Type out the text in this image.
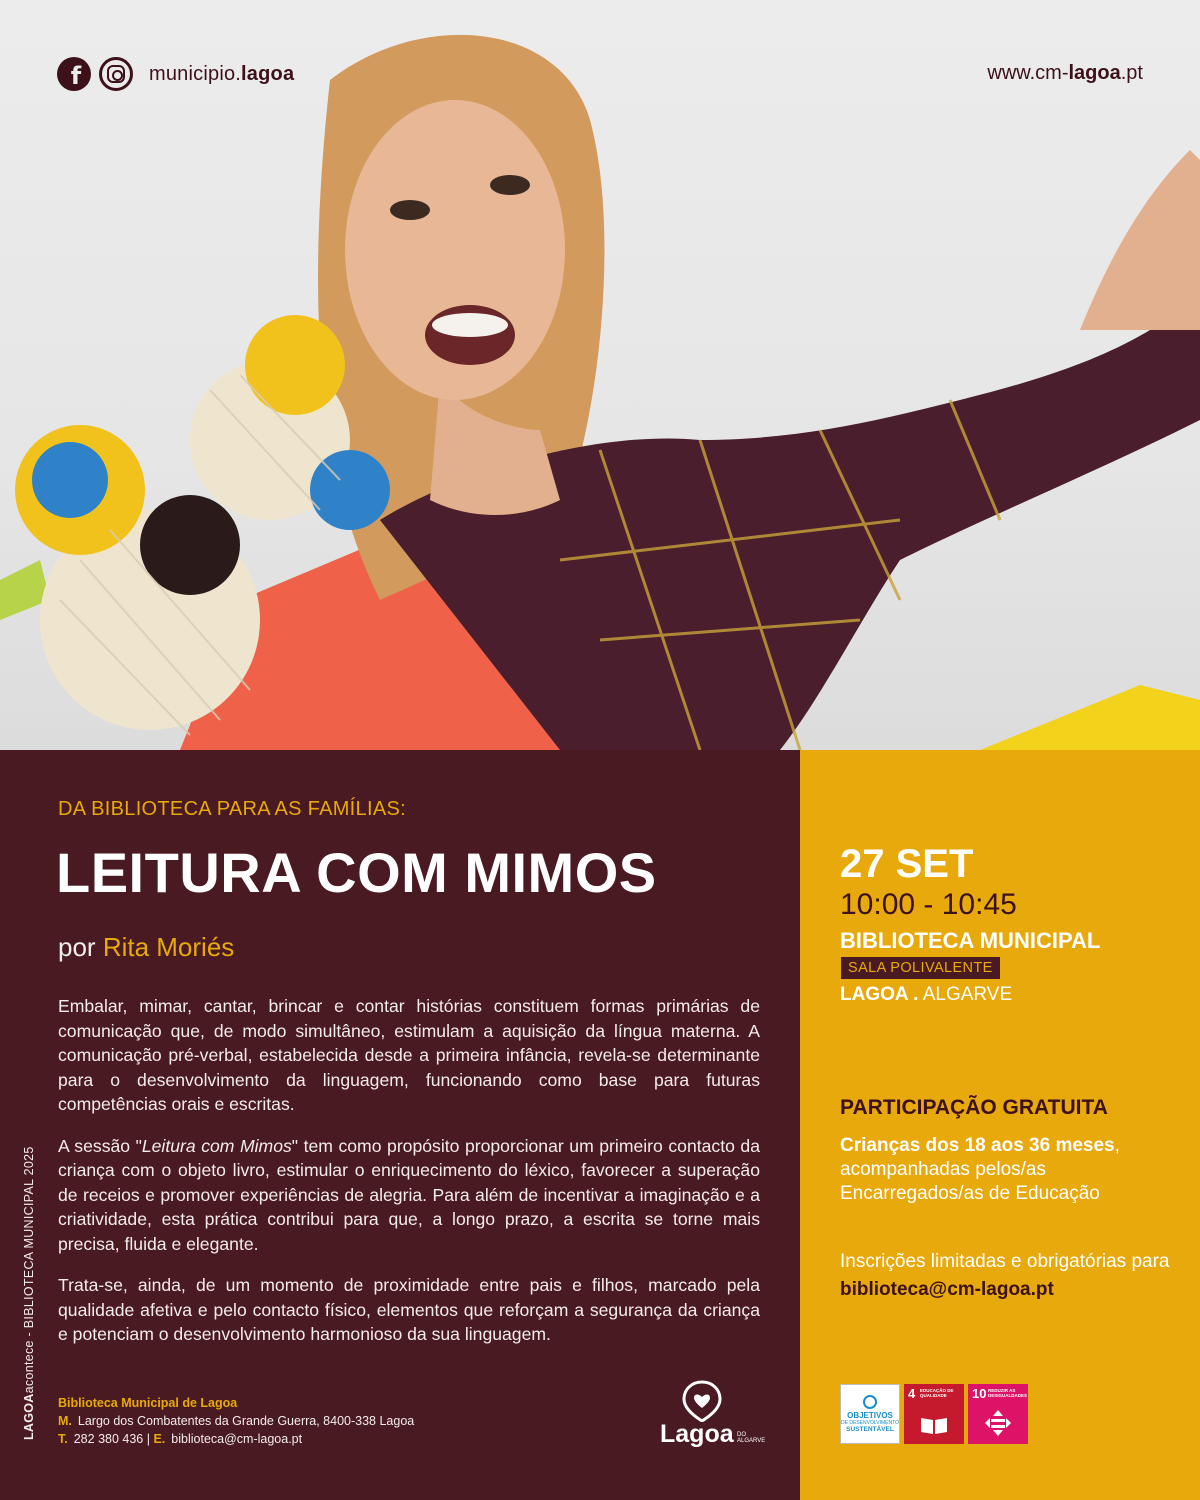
f	municipio.lagoa	www.cm-lagoa.pt
DA BIBLIOTECA PARA AS FAMÍLIAS:
LEITURA COM MIMOS
por Rita Moriés

Embalar, mimar, cantar, brincar e contar histórias constituem formas primárias de comunicação que, de modo simultâneo, estimulam a aquisição da língua materna. A comunicação pré-verbal, estabelecida desde a primeira infância, revela-se determinante para o desenvolvimento da linguagem, funcionando como base para futuras competências orais e escritas.

A sessão "Leitura com Mimos" tem como propósito proporcionar um primeiro contacto da criança com o objeto livro, estimular o enriquecimento do léxico, favorecer a superação de receios e promover experiências de alegria. Para além de incentivar a imaginação e a criatividade, esta prática contribui para que, a longo prazo, a escrita se torne mais precisa, fluida e elegante.

Trata-se, ainda, de um momento de proximidade entre pais e filhos, marcado pela qualidade afetiva e pelo contacto físico, elementos que reforçam a segurança da criança e potenciam o desenvolvimento harmonioso da sua linguagem.

Biblioteca Municipal de Lagoa
M. Largo dos Combatentes da Grande Guerra, 8400-338 Lagoa
T. 282 380 436 | E. biblioteca@cm-lagoa.pt
LAGOAacontece - BIBLIOTECA MUNICIPAL 2025
Lagoa DO ALGARVE
27 SET
10:00 - 10:45
BIBLIOTECA MUNICIPAL
SALA POLIVALENTE
LAGOA . ALGARVE
PARTICIPAÇÃO GRATUITA
Crianças dos 18 aos 36 meses, acompanhadas pelos/as Encarregados/as de Educação
Inscrições limitadas e obrigatórias para
biblioteca@cm-lagoa.pt
OBJETIVOS
DE DESENVOLVIMENTO
SUSTENTÁVEL
4 EDUCAÇÃO DE QUALIDADE	10 REDUZIR AS DESIGUALDADES
